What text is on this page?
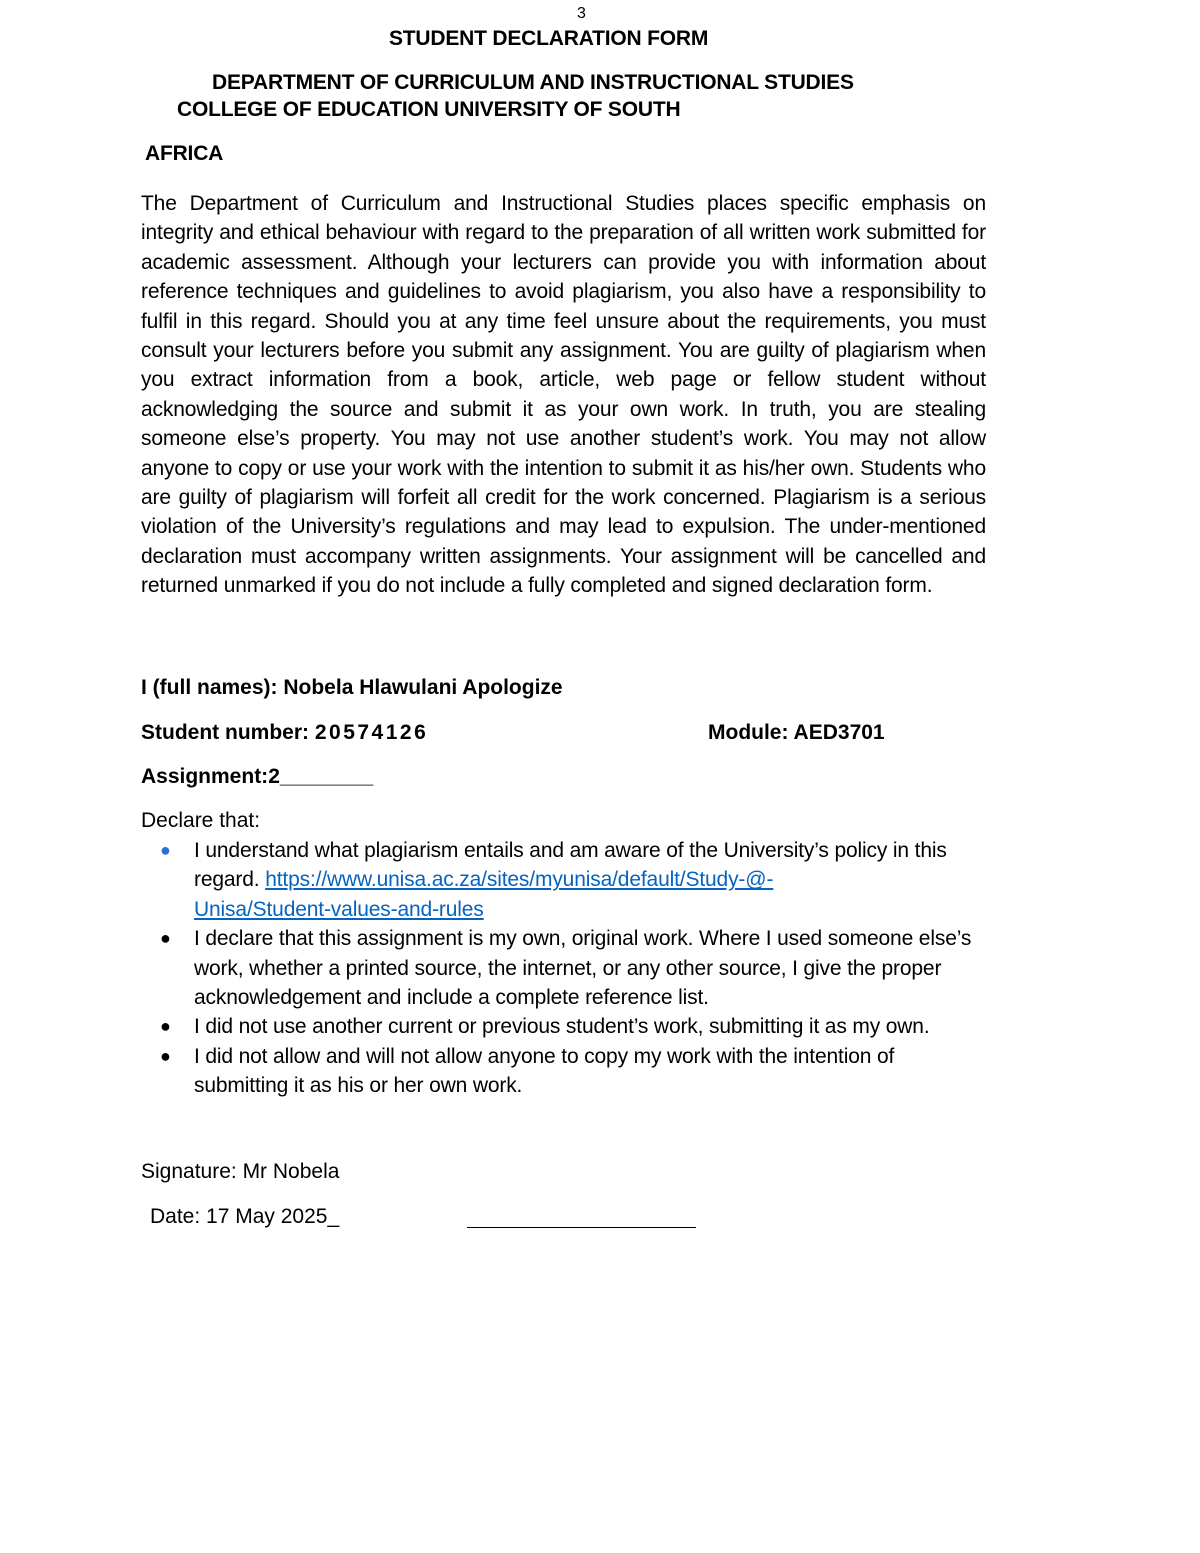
3
STUDENT DECLARATION FORM
DEPARTMENT OF CURRICULUM AND INSTRUCTIONAL STUDIES
COLLEGE OF EDUCATION UNIVERSITY OF SOUTH
AFRICA
The Department of Curriculum and Instructional Studies places specific emphasis on integrity and ethical behaviour with regard to the preparation of all written work submitted for academic assessment. Although your lecturers can provide you with information about reference techniques and guidelines to avoid plagiarism, you also have a responsibility to fulfil in this regard. Should you at any time feel unsure about the requirements, you must consult your lecturers before you submit any assignment. You are guilty of plagiarism when you extract information from a book, article, web page or fellow student without acknowledging the source and submit it as your own work. In truth, you are stealing someone else’s property. You may not use another student’s work. You may not allow anyone to copy or use your work with the intention to submit it as his/her own. Students who are guilty of plagiarism will forfeit all credit for the work concerned. Plagiarism is a serious violation of the University’s regulations and may lead to expulsion. The under-mentioned declaration must accompany written assignments. Your assignment will be cancelled and returned unmarked if you do not include a fully completed and signed declaration form.
I (full names): Nobela Hlawulani Apologize
Student number: 20574126	Module: AED3701
Assignment:2________
Declare that:
●	I understand what plagiarism entails and am aware of the University’s policy in this regard. https://www.unisa.ac.za/sites/myunisa/default/Study-@-
Unisa/Student-values-and-rules
●	I declare that this assignment is my own, original work. Where I used someone else’s work, whether a printed source, the internet, or any other source, I give the proper acknowledgement and include a complete reference list.
●	I did not use another current or previous student’s work, submitting it as my own.
●	I did not allow and will not allow anyone to copy my work with the intention of submitting it as his or her own work.
Signature: Mr Nobela
Date: 17 May 2025_
